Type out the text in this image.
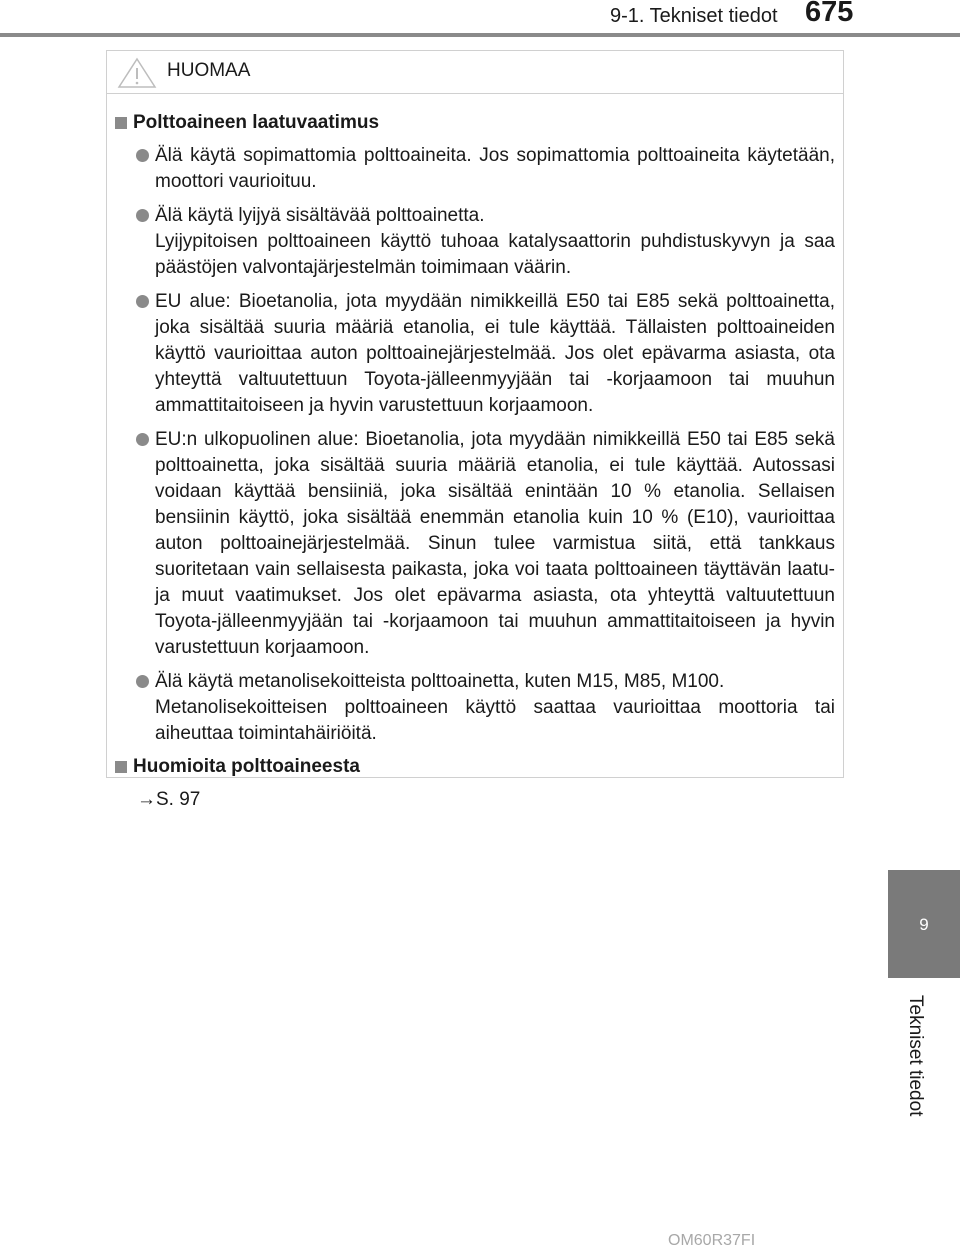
9-1. Tekniset tiedot 675
HUOMAA
Polttoaineen laatuvaatimus

Älä käytä sopimattomia polttoaineita. Jos sopimattomia polttoaineita käytetään, moottori vaurioituu.

Älä käytä lyijyä sisältävää polttoainetta.

Lyijypitoisen polttoaineen käyttö tuhoaa katalysaattorin puhdistuskyvyn ja saa päästöjen valvontajärjestelmän toimimaan väärin.

EU alue: Bioetanolia, jota myydään nimikkeillä E50 tai E85 sekä polttoainetta, joka sisältää suuria määriä etanolia, ei tule käyttää. Tällaisten polttoaineiden käyttö vaurioittaa auton polttoainejärjestelmää. Jos olet epävarma asiasta, ota yhteyttä valtuutettuun Toyota-jälleenmyyjään tai -korjaamoon tai muuhun ammattitaitoiseen ja hyvin varustettuun korjaamoon.

EU:n ulkopuolinen alue: Bioetanolia, jota myydään nimikkeillä E50 tai E85 sekä polttoainetta, joka sisältää suuria määriä etanolia, ei tule käyttää. Autossasi voidaan käyttää bensiiniä, joka sisältää enintään 10 % etanolia. Sellaisen bensiinin käyttö, joka sisältää enemmän etanolia kuin 10 % (E10), vaurioittaa auton polttoainejärjestelmää. Sinun tulee varmistua siitä, että tankkaus suoritetaan vain sellaisesta paikasta, joka voi taata polttoaineen täyttävän laatu- ja muut vaatimukset. Jos olet epävarma asiasta, ota yhteyttä valtuutettuun Toyota-jälleenmyyjään tai -korjaamoon tai muuhun ammattitaitoiseen ja hyvin varustettuun korjaamoon.

Älä käytä metanolisekoitteista polttoainetta, kuten M15, M85, M100.

Metanolisekoitteisen polttoaineen käyttö saattaa vaurioittaa moottoria tai aiheuttaa toimintahäiriöitä.

Huomioita polttoaineesta
→S. 97
9
Tekniset tiedot
OM60R37FI
